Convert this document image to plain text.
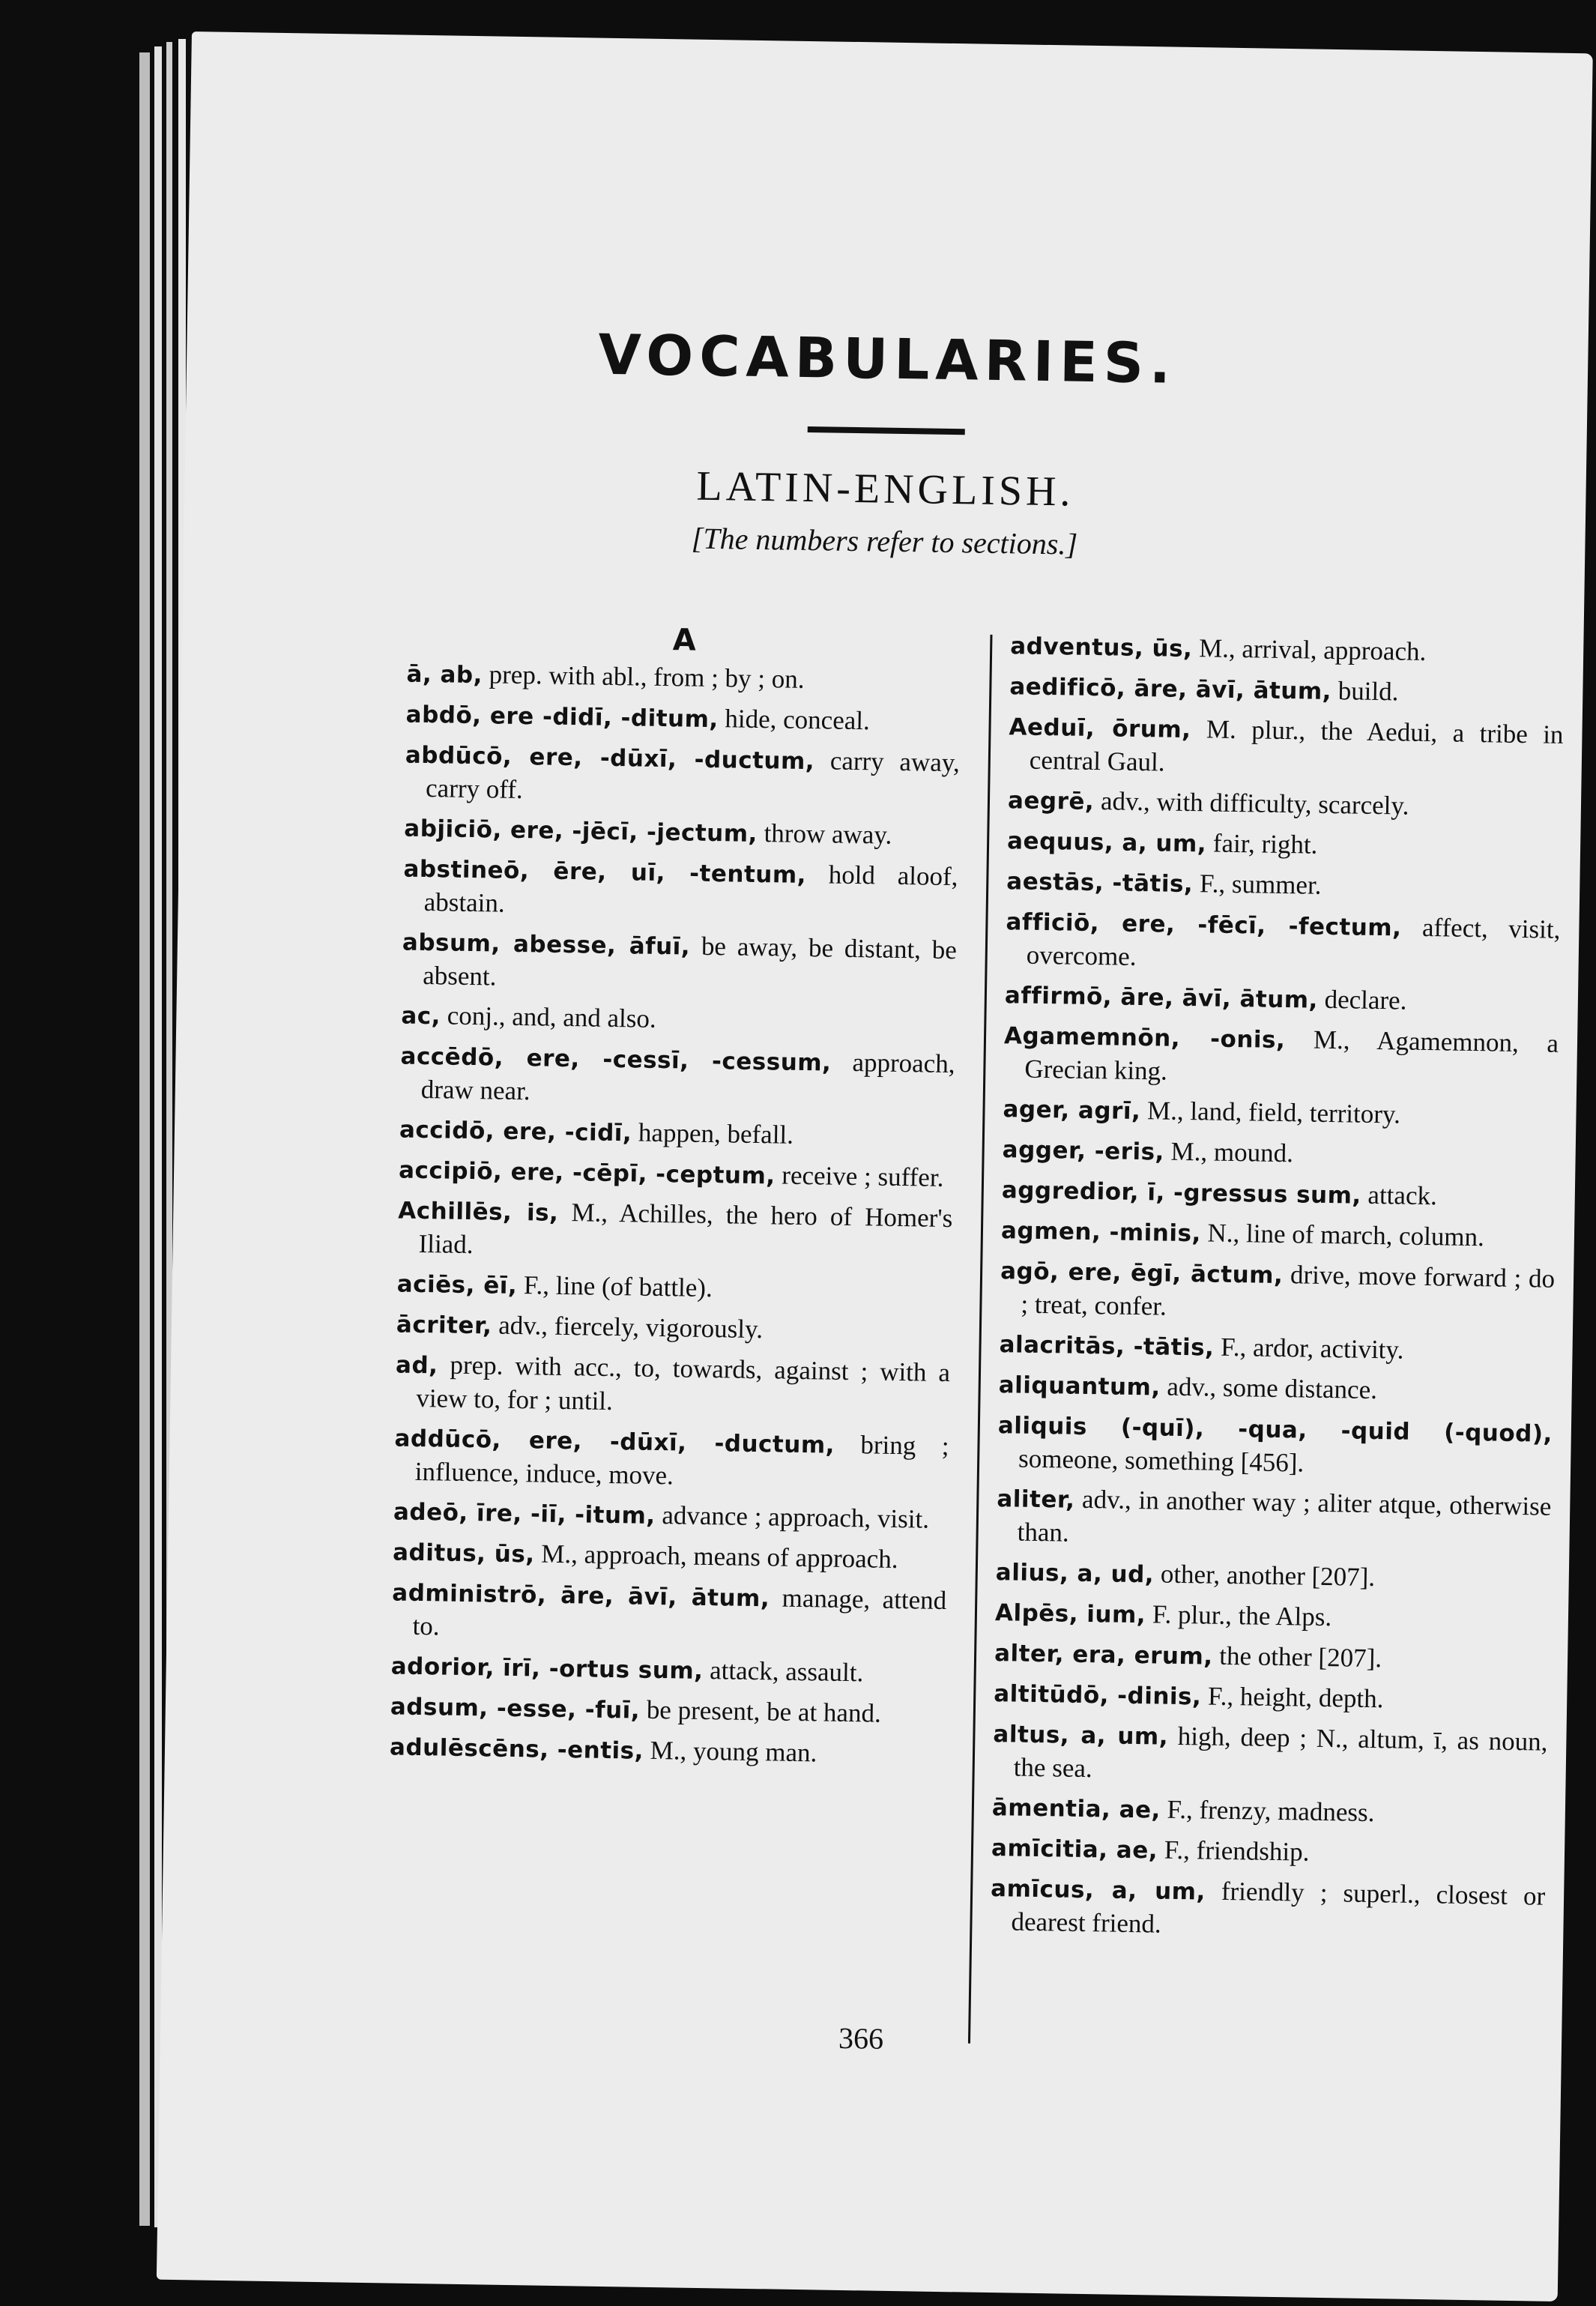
VOCABULARIES.
LATIN-ENGLISH.
[The numbers refer to sections.]
A
ā, ab, prep. with abl., from ; by ; on.
abdō, ere -didī, -ditum, hide, conceal.
abdūcō, ere, -dūxī, -ductum, carry away, carry off.
abjiciō, ere, -jēcī, -jectum, throw away.
abstineō, ēre, uī, -tentum, hold aloof, abstain.
absum, abesse, āfuī, be away, be distant, be absent.
ac, conj., and, and also.
accēdō, ere, -cessī, -cessum, approach, draw near.
accidō, ere, -cidī, happen, befall.
accipiō, ere, -cēpī, -ceptum, receive ; suffer.
Achillēs, is, M., Achilles, the hero of Homer's Iliad.
aciēs, ēī, F., line (of battle).
ācriter, adv., fiercely, vigorously.
ad, prep. with acc., to, towards, against ; with a view to, for ; until.
addūcō, ere, -dūxī, -ductum, bring ; influence, induce, move.
adeō, īre, -iī, -itum, advance ; approach, visit.
aditus, ūs, M., approach, means of approach.
administrō, āre, āvī, ātum, manage, attend to.
adorior, īrī, -ortus sum, attack, assault.
adsum, -esse, -fuī, be present, be at hand.
adulēscēns, -entis, M., young man.
adventus, ūs, M., arrival, approach.
aedificō, āre, āvī, ātum, build.
Aeduī, ōrum, M. plur., the Aedui, a tribe in central Gaul.
aegrē, adv., with difficulty, scarcely.
aequus, a, um, fair, right.
aestās, -tātis, F., summer.
afficiō, ere, -fēcī, -fectum, affect, visit, overcome.
affirmō, āre, āvī, ātum, declare.
Agamemnōn, -onis, M., Agamemnon, a Grecian king.
ager, agrī, M., land, field, territory.
agger, -eris, M., mound.
aggredior, ī, -gressus sum, attack.
agmen, -minis, N., line of march, column.
agō, ere, ēgī, āctum, drive, move forward ; do ; treat, confer.
alacritās, -tātis, F., ardor, activity.
aliquantum, adv., some distance.
aliquis (-quī), -qua, -quid (-quod), someone, something [456].
aliter, adv., in another way ; aliter atque, otherwise than.
alius, a, ud, other, another [207].
Alpēs, ium, F. plur., the Alps.
alter, era, erum, the other [207].
altitūdō, -dinis, F., height, depth.
altus, a, um, high, deep ; N., altum, ī, as noun, the sea.
āmentia, ae, F., frenzy, madness.
amīcitia, ae, F., friendship.
amīcus, a, um, friendly ; superl., closest or dearest friend.
366
